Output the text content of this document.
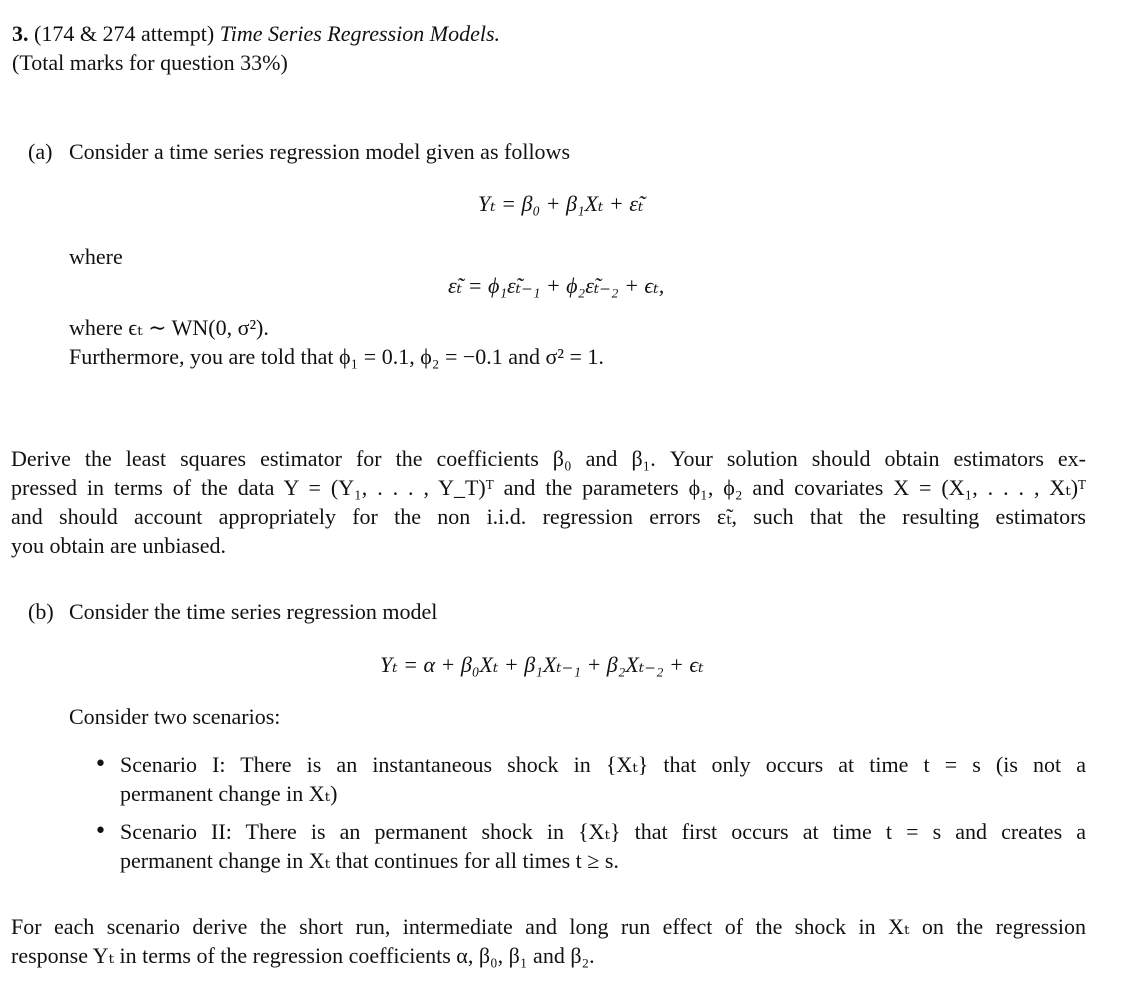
3. (174 & 274 attempt) Time Series Regression Models.
(Total marks for question 33%)
(a) Consider a time series regression model given as follows
Yₜ = β₀ + β₁Xₜ + ε̃ₜ
where
ε̃ₜ = ϕ₁ε̃ₜ₋₁ + ϕ₂ε̃ₜ₋₂ + ϵₜ,
where ϵₜ ∼ WN(0, σ²).
Furthermore, you are told that ϕ₁ = 0.1, ϕ₂ = −0.1 and σ² = 1.
Derive the least squares estimator for the coefficients β₀ and β₁. Your solution should obtain estimators ex-
pressed in terms of the data Y = (Y₁, . . . , Y_T)ᵀ and the parameters ϕ₁, ϕ₂ and covariates X = (X₁, . . . , Xₜ)ᵀ
and should account appropriately for the non i.i.d. regression errors ε̃ₜ, such that the resulting estimators
you obtain are unbiased.
(b) Consider the time series regression model
Yₜ = α + β₀Xₜ + β₁Xₜ₋₁ + β₂Xₜ₋₂ + ϵₜ
Consider two scenarios:
• Scenario I: There is an instantaneous shock in {Xₜ} that only occurs at time t = s (is not a
permanent change in Xₜ)
• Scenario II: There is an permanent shock in {Xₜ} that first occurs at time t = s and creates a
permanent change in Xₜ that continues for all times t ≥ s.
For each scenario derive the short run, intermediate and long run effect of the shock in Xₜ on the regression
response Yₜ in terms of the regression coefficients α, β₀, β₁ and β₂.
